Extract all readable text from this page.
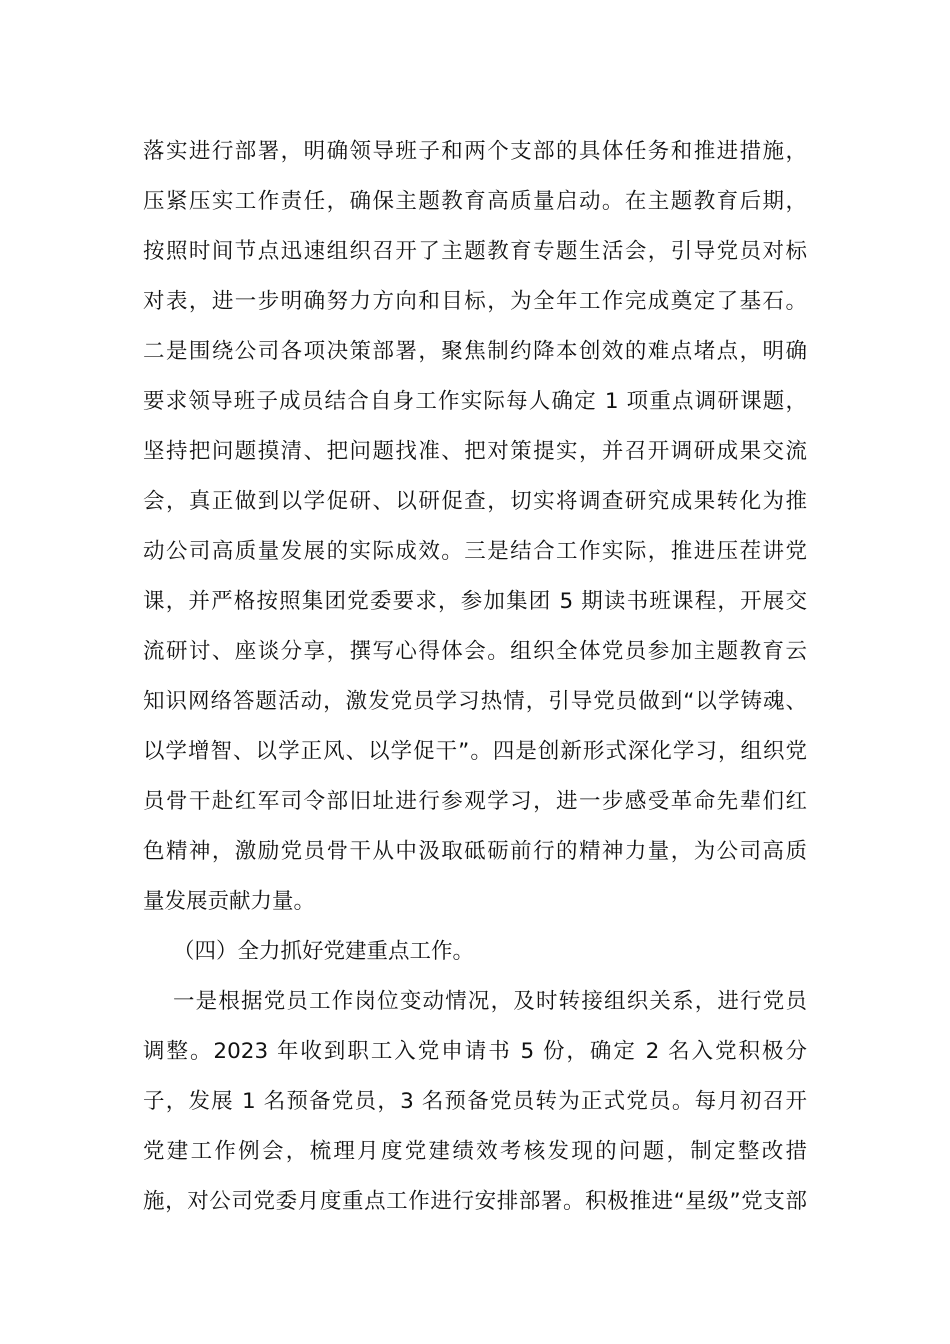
落实进行部署，明确领导班子和两个支部的具体任务和推进措施，
压紧压实工作责任，确保主题教育高质量启动。在主题教育后期，
按照时间节点迅速组织召开了主题教育专题生活会，引导党员对标
对表，进一步明确努力方向和目标，为全年工作完成奠定了基石。
二是围绕公司各项决策部署，聚焦制约降本创效的难点堵点，明确
要求领导班子成员结合自身工作实际每人确定 1 项重点调研课题，
坚持把问题摸清、把问题找准、把对策提实，并召开调研成果交流
会，真正做到以学促研、以研促查，切实将调查研究成果转化为推
动公司高质量发展的实际成效。三是结合工作实际，推进压茬讲党
课，并严格按照集团党委要求，参加集团 5 期读书班课程，开展交
流研讨、座谈分享，撰写心得体会。组织全体党员参加主题教育云
知识网络答题活动，激发党员学习热情，引导党员做到“以学铸魂、
以学增智、以学正风、以学促干”。四是创新形式深化学习，组织党
员骨干赴红军司令部旧址进行参观学习，进一步感受革命先辈们红
色精神，激励党员骨干从中汲取砥砺前行的精神力量，为公司高质
量发展贡献力量。
（四）全力抓好党建重点工作。
一是根据党员工作岗位变动情况，及时转接组织关系，进行党员
调整。2023 年收到职工入党申请书 5 份，确定 2 名入党积极分
子，发展 1 名预备党员，3 名预备党员转为正式党员。每月初召开
党建工作例会，梳理月度党建绩效考核发现的问题，制定整改措
施，对公司党委月度重点工作进行安排部署。积极推进“星级”党支部
